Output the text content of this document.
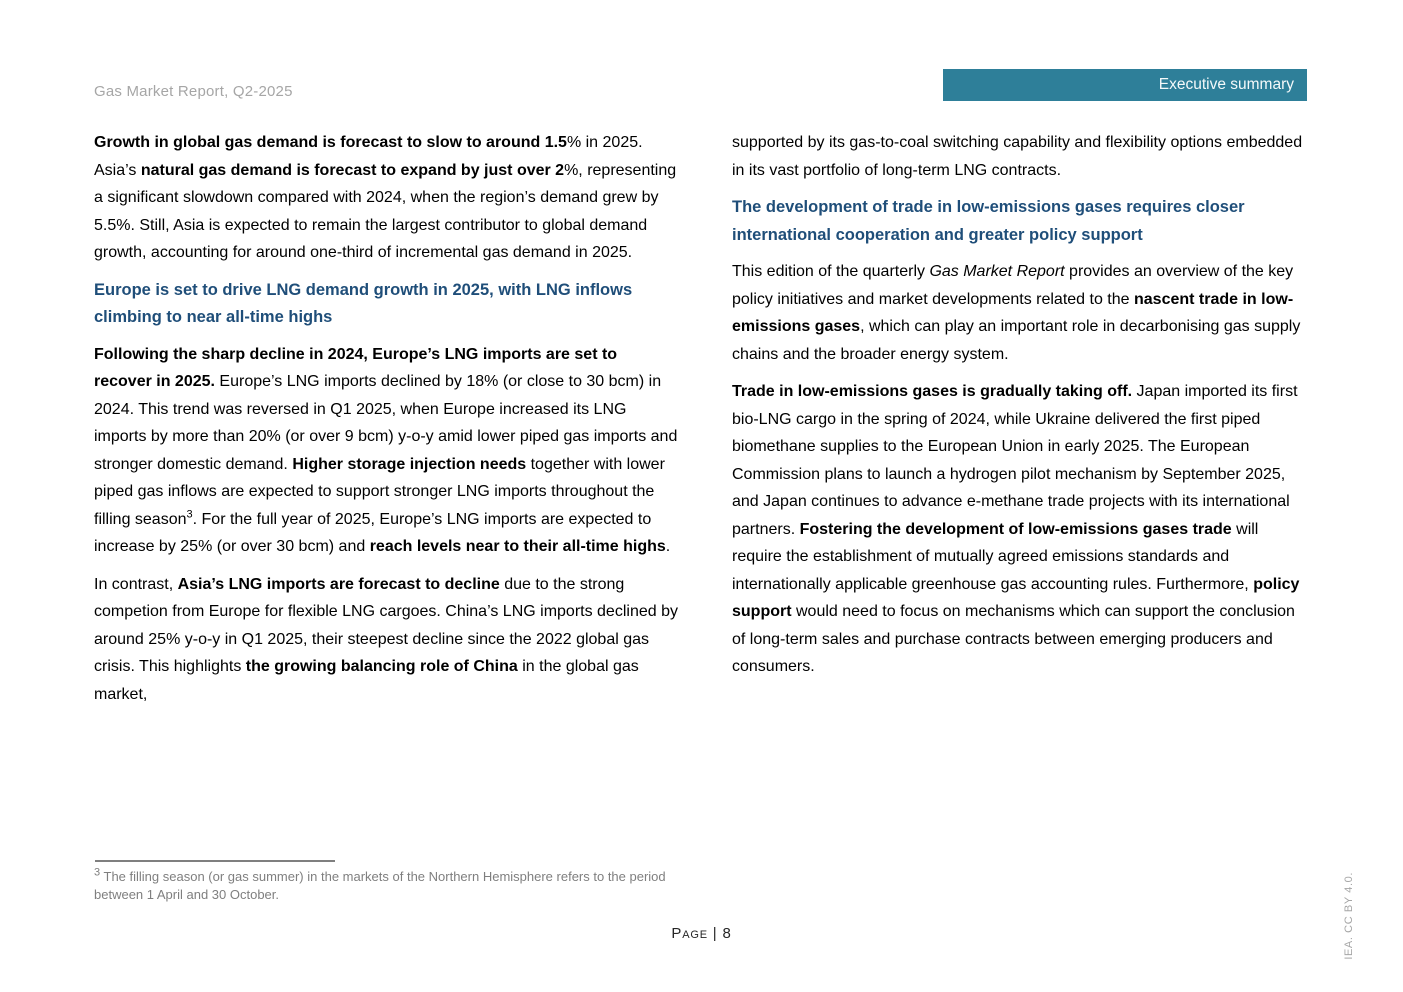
Gas Market Report, Q2-2025	Executive summary

Growth in global gas demand is forecast to slow to around 1.5% in 2025. Asia’s natural gas demand is forecast to expand by just over 2%, representing a significant slowdown compared with 2024, when the region’s demand grew by 5.5%. Still, Asia is expected to remain the largest contributor to global demand growth, accounting for around one-third of incremental gas demand in 2025.

Europe is set to drive LNG demand growth in 2025, with LNG inflows climbing to near all-time highs

Following the sharp decline in 2024, Europe’s LNG imports are set to recover in 2025. Europe’s LNG imports declined by 18% (or close to 30 bcm) in 2024. This trend was reversed in Q1 2025, when Europe increased its LNG imports by more than 20% (or over 9 bcm) y-o-y amid lower piped gas imports and stronger domestic demand. Higher storage injection needs together with lower piped gas inflows are expected to support stronger LNG imports throughout the filling season$^3$. For the full year of 2025, Europe’s LNG imports are expected to increase by 25% (or over 30 bcm) and reach levels near to their all-time highs.

In contrast, Asia’s LNG imports are forecast to decline due to the strong competion from Europe for flexible LNG cargoes. China’s LNG imports declined by around 25% y-o-y in Q1 2025, their steepest decline since the 2022 global gas crisis. This highlights the growing balancing role of China in the global gas market,

supported by its gas-to-coal switching capability and flexibility options embedded in its vast portfolio of long-term LNG contracts.

The development of trade in low-emissions gases requires closer international cooperation and greater policy support

This edition of the quarterly Gas Market Report provides an overview of the key policy initiatives and market developments related to the nascent trade in low-emissions gases, which can play an important role in decarbonising gas supply chains and the broader energy system.

Trade in low-emissions gases is gradually taking off. Japan imported its first bio-LNG cargo in the spring of 2024, while Ukraine delivered the first piped biomethane supplies to the European Union in early 2025. The European Commission plans to launch a hydrogen pilot mechanism by September 2025, and Japan continues to advance e-methane trade projects with its international partners. Fostering the development of low-emissions gases trade will require the establishment of mutually agreed emissions standards and internationally applicable greenhouse gas accounting rules. Furthermore, policy support would need to focus on mechanisms which can support the conclusion of long-term sales and purchase contracts between emerging producers and consumers.

$^3$ The filling season (or gas summer) in the markets of the Northern Hemisphere refers to the period between 1 April and 30 October.
Page | 8	IEA. CC BY 4.0.
